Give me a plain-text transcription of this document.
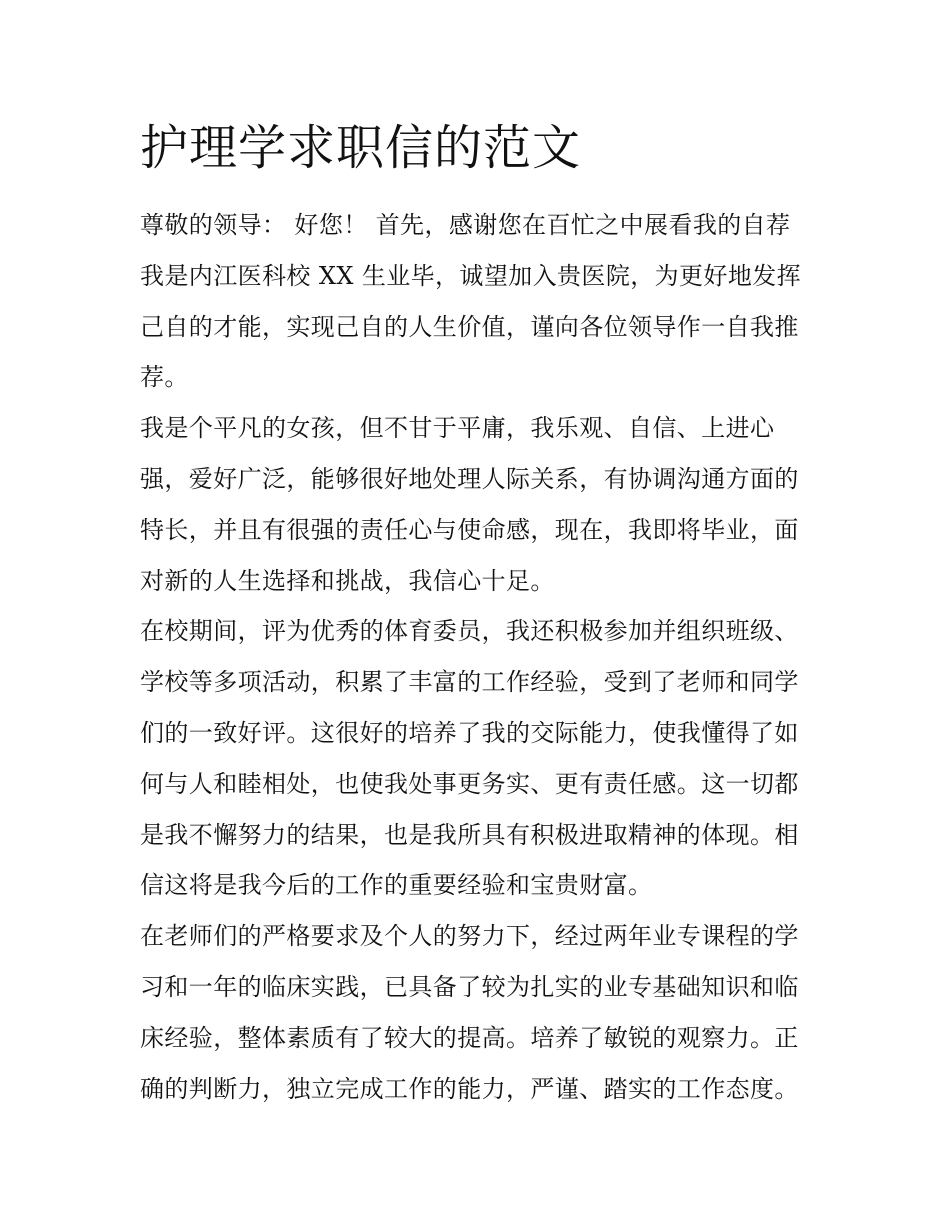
护理学求职信的范文
尊敬的领导： 好您！ 首先，感谢您在百忙之中展看我的自荐
我是内江医科校 XX 生业毕，诚望加入贵医院，为更好地发挥
己自的才能，实现己自的人生价值，谨向各位领导作一自我推
荐。
我是个平凡的女孩，但不甘于平庸，我乐观、自信、上进心
强，爱好广泛，能够很好地处理人际关系，有协调沟通方面的
特长，并且有很强的责任心与使命感，现在，我即将毕业，面
对新的人生选择和挑战，我信心十足。
在校期间，评为优秀的体育委员，我还积极参加并组织班级、
学校等多项活动，积累了丰富的工作经验，受到了老师和同学
们的一致好评。这很好的培养了我的交际能力，使我懂得了如
何与人和睦相处，也使我处事更务实、更有责任感。这一切都
是我不懈努力的结果，也是我所具有积极进取精神的体现。相
信这将是我今后的工作的重要经验和宝贵财富。
在老师们的严格要求及个人的努力下，经过两年业专课程的学
习和一年的临床实践，已具备了较为扎实的业专基础知识和临
床经验，整体素质有了较大的提高。培养了敏锐的观察力。正
确的判断力，独立完成工作的能力，严谨、踏实的工作态度。
